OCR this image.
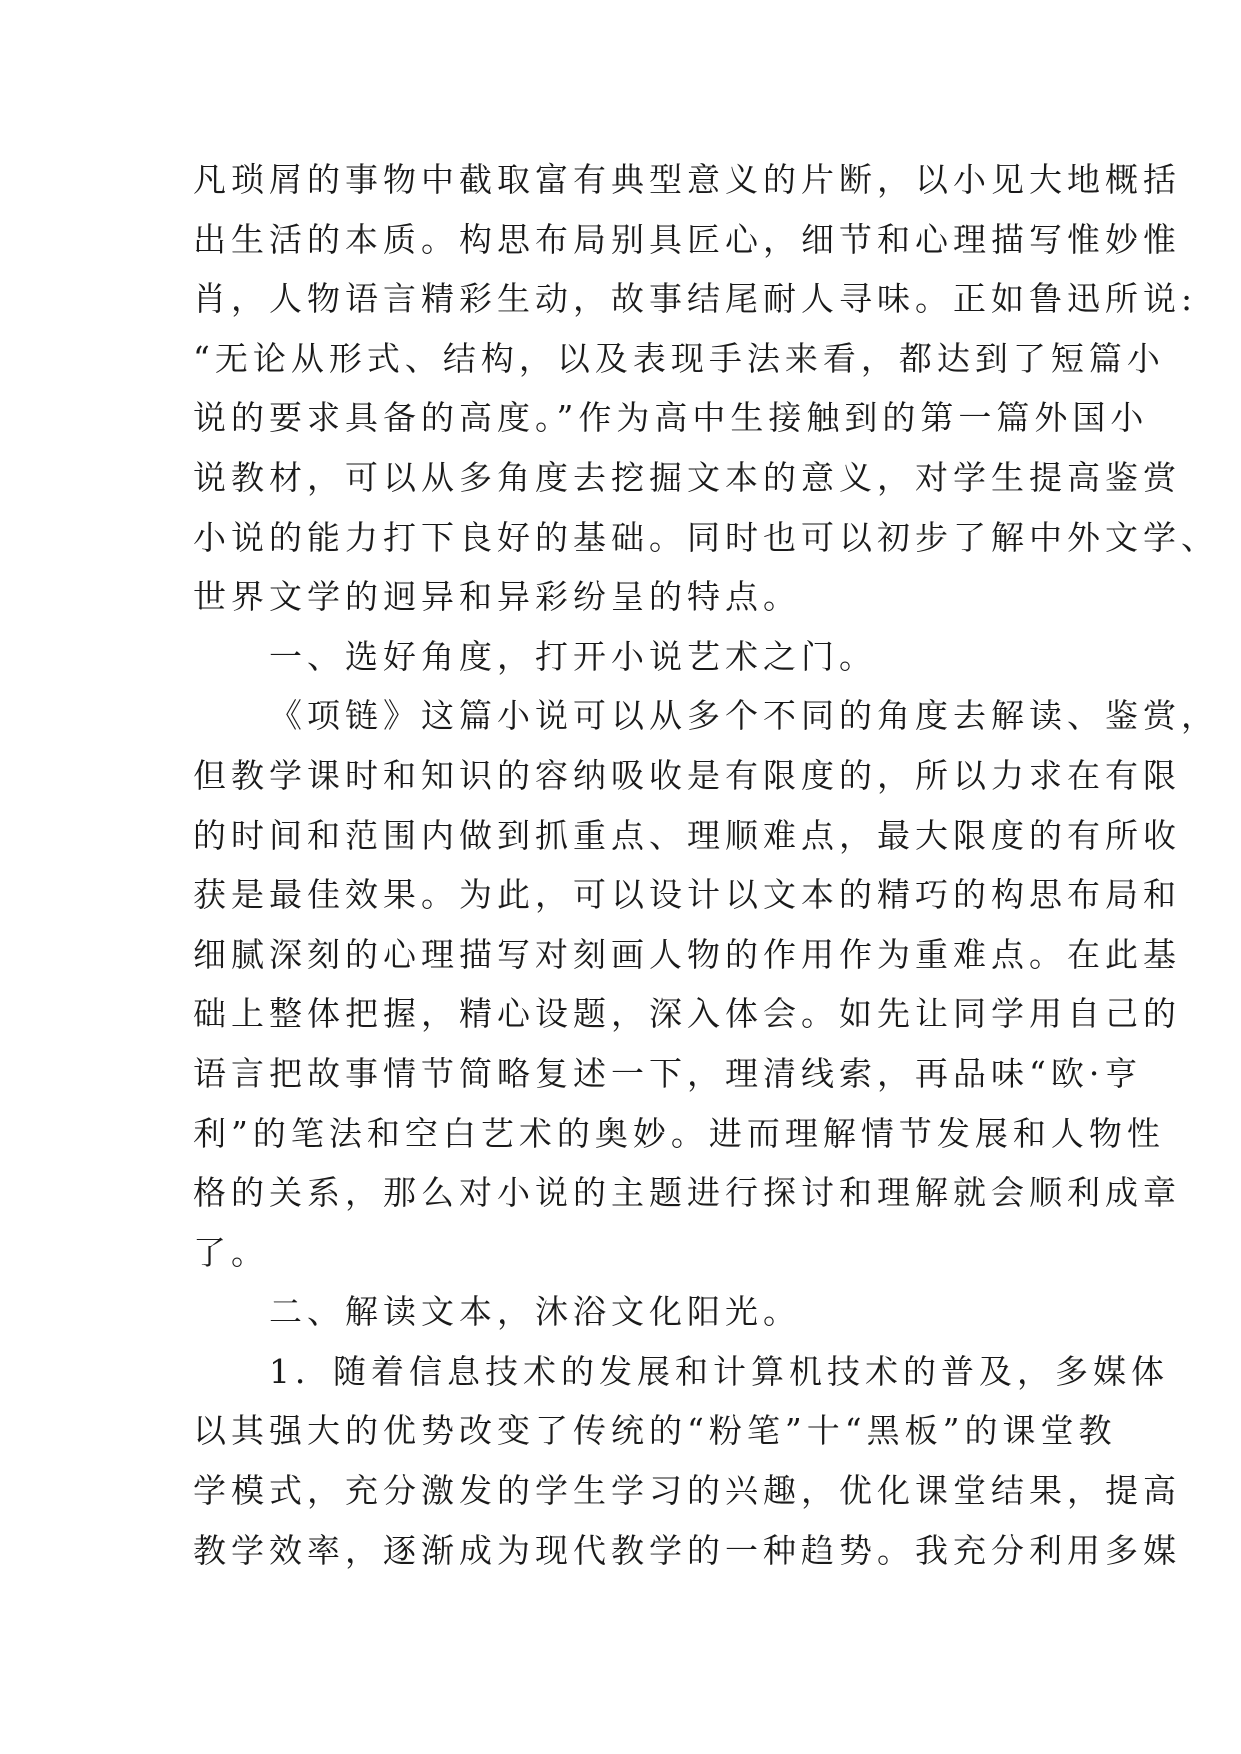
凡琐屑的事物中截取富有典型意义的片断，以小见大地概括
出生活的本质。构思布局别具匠心，细节和心理描写惟妙惟
肖，人物语言精彩生动，故事结尾耐人寻味。正如鲁迅所说:
“无论从形式、结构，以及表现手法来看，都达到了短篇小
说的要求具备的高度。”作为高中生接触到的第一篇外国小
说教材，可以从多角度去挖掘文本的意义，对学生提高鉴赏
小说的能力打下良好的基础。同时也可以初步了解中外文学、
世界文学的迥异和异彩纷呈的特点。
一、选好角度，打开小说艺术之门。
《项链》这篇小说可以从多个不同的角度去解读、鉴赏，
但教学课时和知识的容纳吸收是有限度的，所以力求在有限
的时间和范围内做到抓重点、理顺难点，最大限度的有所收
获是最佳效果。为此，可以设计以文本的精巧的构思布局和
细腻深刻的心理描写对刻画人物的作用作为重难点。在此基
础上整体把握，精心设题，深入体会。如先让同学用自己的
语言把故事情节简略复述一下，理清线索，再品味“欧·亨
利”的笔法和空白艺术的奥妙。进而理解情节发展和人物性
格的关系，那么对小说的主题进行探讨和理解就会顺利成章
了。
二、解读文本，沐浴文化阳光。
1．随着信息技术的发展和计算机技术的普及，多媒体
以其强大的优势改变了传统的“粉笔”十“黑板”的课堂教
学模式，充分激发的学生学习的兴趣，优化课堂结果，提高
教学效率，逐渐成为现代教学的一种趋势。我充分利用多媒
